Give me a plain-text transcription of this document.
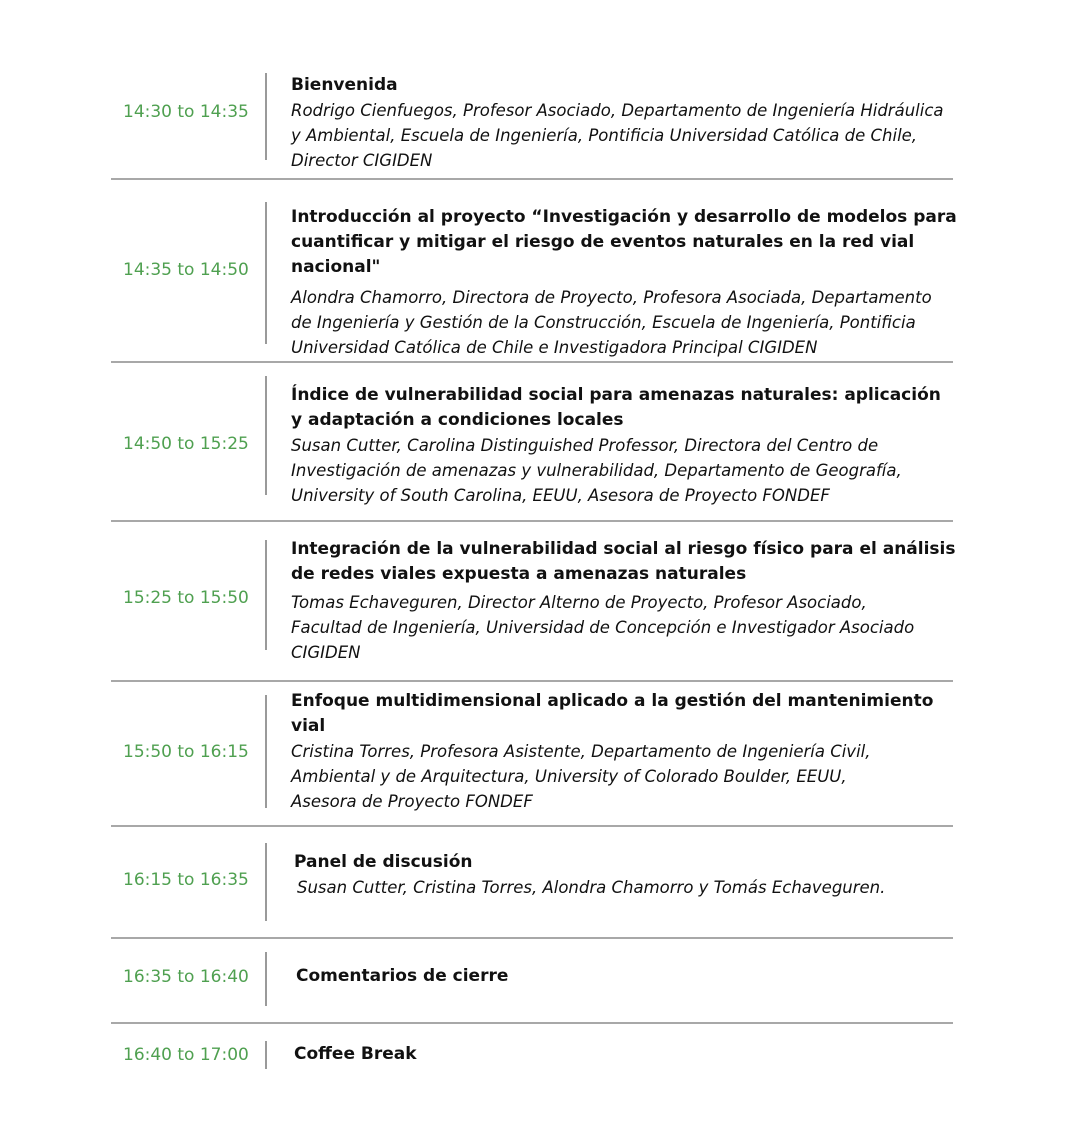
14:30 to 14:35
Bienvenida
Rodrigo Cienfuegos, Profesor Asociado, Departamento de Ingeniería Hidráulica
y Ambiental, Escuela de Ingeniería, Pontificia Universidad Católica de Chile,
Director CIGIDEN
14:35 to 14:50
Introducción al proyecto “Investigación y desarrollo de modelos para
cuantificar y mitigar el riesgo de eventos naturales en la red vial nacional"
Alondra Chamorro, Directora de Proyecto, Profesora Asociada, Departamento
de Ingeniería y Gestión de la Construcción, Escuela de Ingeniería, Pontificia
Universidad Católica de Chile e Investigadora Principal CIGIDEN
14:50 to 15:25
Índice de vulnerabilidad social para amenazas naturales: aplicación
y adaptación a condiciones locales
Susan Cutter, Carolina Distinguished Professor, Directora del Centro de
Investigación de amenazas y vulnerabilidad, Departamento de Geografía,
University of South Carolina, EEUU, Asesora de Proyecto FONDEF
15:25 to 15:50
Integración de la vulnerabilidad social al riesgo físico para el análisis
de redes viales expuesta a amenazas naturales
Tomas Echaveguren, Director Alterno de Proyecto, Profesor Asociado,
Facultad de Ingeniería, Universidad de Concepción e Investigador Asociado
CIGIDEN
15:50 to 16:15
Enfoque multidimensional aplicado a la gestión del mantenimiento
vial
Cristina Torres, Profesora Asistente, Departamento de Ingeniería Civil,
Ambiental y de Arquitectura, University of Colorado Boulder, EEUU,
Asesora de Proyecto FONDEF
16:15 to 16:35
Panel de discusión
Susan Cutter, Cristina Torres, Alondra Chamorro y Tomás Echaveguren.
16:35 to 16:40	Comentarios de cierre
16:40 to 17:00	Coffee Break
